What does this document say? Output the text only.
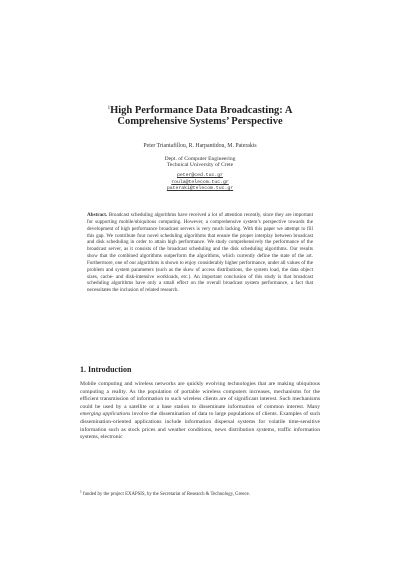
$^1$High Performance Data Broadcasting: A
Comprehensive Systems’ Perspective
Peter Triantafillou, R. Harpantidou, M. Paterakis
Dept. of Computer Engineering
Technical University of Crete
peter@ced.tuc.gr
roula@telecom.tuc.gr
pateraki@telecom.tuc.gr
Abstract. Broadcast scheduling algorithms have received a lot of attention recently, since they are important for supporting mobile/ubiquitous computing. However, a comprehensive system’s perspective towards the development of high performance broadcast servers is very much lacking. With this paper we attempt to fill this gap. We contribute four novel scheduling algorithms that ensure the proper interplay between broadcast and disk scheduling in order to attain high performance. We study comprehensively the performance of the broadcast server, as it consists of the broadcast scheduling and the disk scheduling algorithms. Our results show that the combined algorithms outperform the algorithms, which currently define the state of the art. Furthermore, one of our algorithms is shown to enjoy considerably higher performance, under all values of the problem and system parameters (such as the skew of access distributions, the system load, the data object sizes, cache- and disk-intensive workloads, etc.). An important conclusion of this study is that broadcast scheduling algorithms have only a small effect on the overall broadcast system performance, a fact that necessitates the inclusion of related research.
1. Introduction
Mobile computing and wireless networks are quickly evolving technologies that are making ubiquitous computing a reality. As the population of portable wireless computers increases, mechanisms for the efficient transmission of information to such wireless clients are of significant interest. Such mechanisms could be used by a satellite or a base station to disseminate information of common interest. Many emerging applications involve the dissemination of data to large populations of clients. Examples of such dissemination-oriented applications include information dispersal systems for volatile time-sensitive information such as stock prices and weather conditions, news distribution systems, traffic information systems, electronic
$^1$ funded by the project EXAPSIS, by the Secretariat of Research & Technology, Greece.
